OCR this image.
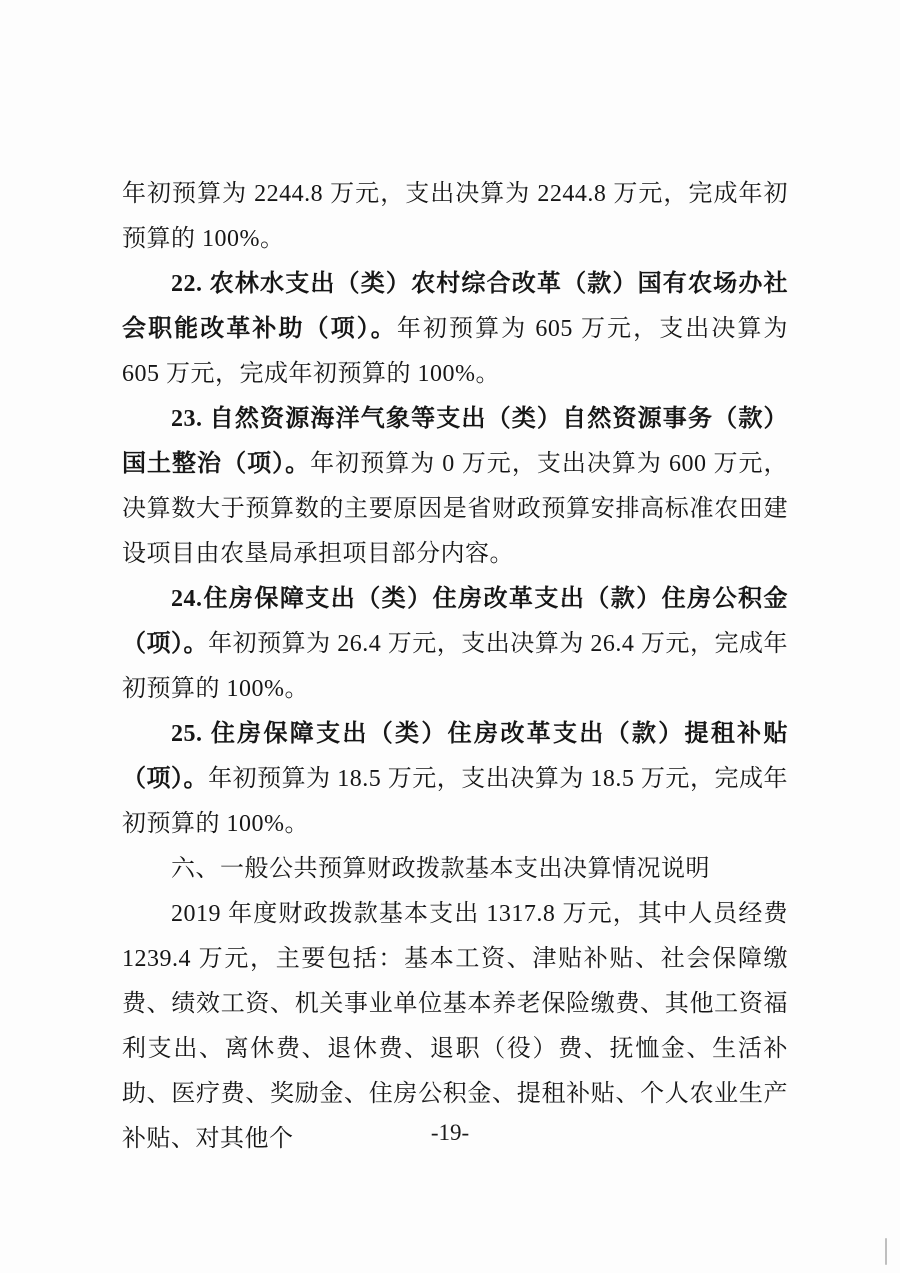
年初预算为 2244.8 万元，支出决算为 2244.8 万元，完成年初预算的 100%。

22. 农林水支出（类）农村综合改革（款）国有农场办社会职能改革补助（项）。年初预算为 605 万元，支出决算为 605 万元，完成年初预算的 100%。

23. 自然资源海洋气象等支出（类）自然资源事务（款）国土整治（项）。年初预算为 0 万元，支出决算为 600 万元，决算数大于预算数的主要原因是省财政预算安排高标准农田建设项目由农垦局承担项目部分内容。

24.住房保障支出（类）住房改革支出（款）住房公积金（项）。年初预算为 26.4 万元，支出决算为 26.4 万元，完成年初预算的 100%。

25. 住房保障支出（类）住房改革支出（款）提租补贴（项）。年初预算为 18.5 万元，支出决算为 18.5 万元，完成年初预算的 100%。

六、一般公共预算财政拨款基本支出决算情况说明

2019 年度财政拨款基本支出 1317.8 万元，其中人员经费 1239.4 万元，主要包括：基本工资、津贴补贴、社会保障缴费、绩效工资、机关事业单位基本养老保险缴费、其他工资福利支出、离休费、退休费、退职（役）费、抚恤金、生活补助、医疗费、奖励金、住房公积金、提租补贴、个人农业生产补贴、对其他个	-19-
